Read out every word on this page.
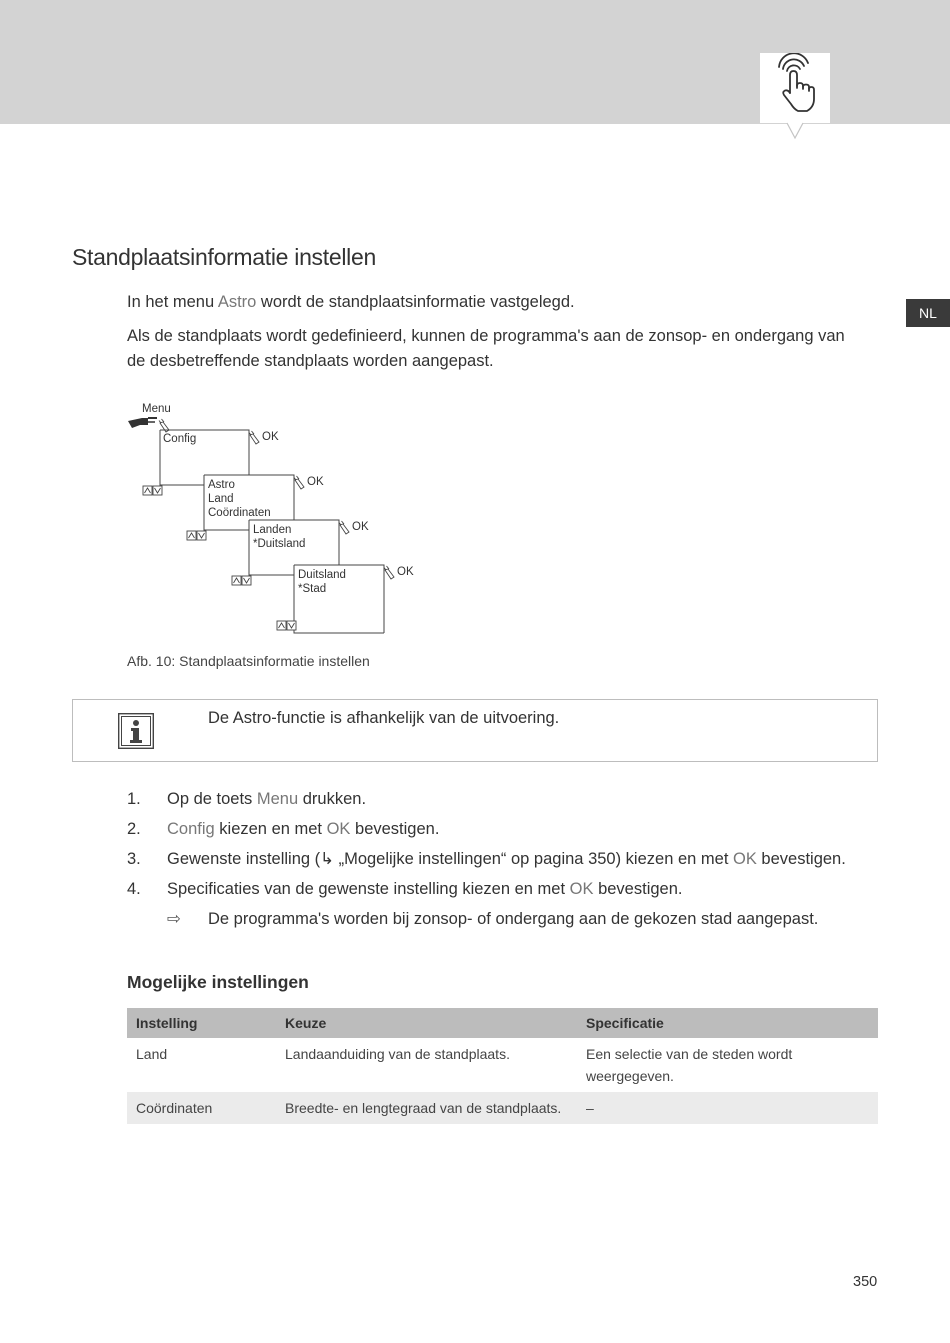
NL
Standplaatsinformatie instellen

In het menu Astro wordt de standplaatsinformatie vastgelegd.

Als de standplaats wordt gedefinieerd, kunnen de programma's aan de zonsop- en ondergang van de desbetreffende standplaats worden aangepast.

Menu
Config	OK
Astro
Land
Coördinaten
OK
Landen
*Duitsland
OK
Duitsland
*Stad
OK
Afb. 10: Standplaatsinformatie instellen
De Astro-functie is afhankelijk van de uitvoering.
1. Op de toets Menu drukken.
2. Config kiezen en met OK bevestigen.
3. Gewenste instelling (↳ „Mogelijke instellingen“ op pagina 350) kiezen en met OK bevestigen.
4. Specificaties van de gewenste instelling kiezen en met OK bevestigen.
⇨ De programma's worden bij zonsop- of ondergang aan de gekozen stad aangepast.
Mogelijke instellingen
Instelling	Keuze	Specificatie
Land	Landaanduiding van de standplaats.	Een selectie van de steden wordt weergegeven.
Coördinaten	Breedte- en lengtegraad van de standplaats.	–
350
